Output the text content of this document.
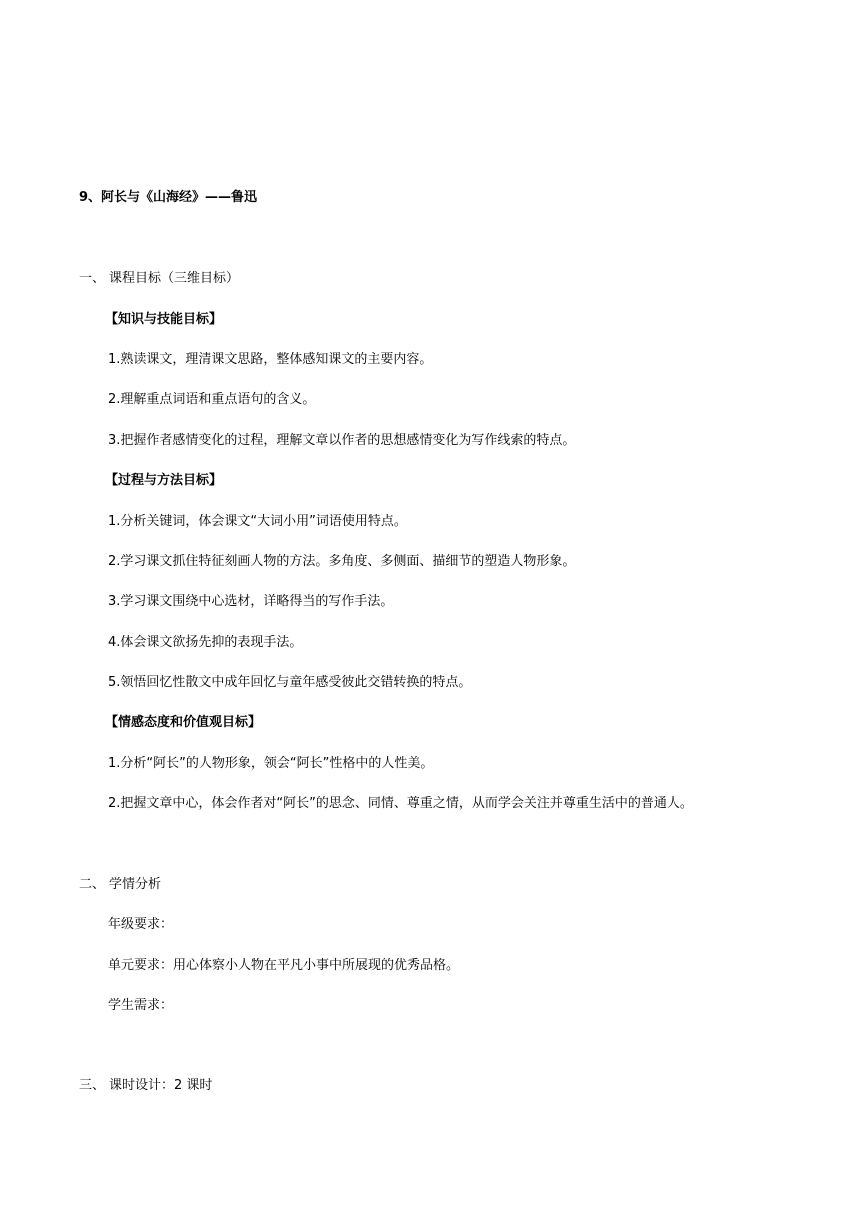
9、阿长与《山海经》——鲁迅
一、 课程目标（三维目标）
【知识与技能目标】
1.熟读课文，理清课文思路，整体感知课文的主要内容。
2.理解重点词语和重点语句的含义。
3.把握作者感情变化的过程，理解文章以作者的思想感情变化为写作线索的特点。
【过程与方法目标】
1.分析关键词，体会课文“大词小用”词语使用特点。
2.学习课文抓住特征刻画人物的方法。多角度、多侧面、描细节的塑造人物形象。
3.学习课文围绕中心选材，详略得当的写作手法。
4.体会课文欲扬先抑的表现手法。
5.领悟回忆性散文中成年回忆与童年感受彼此交错转换的特点。
【情感态度和价值观目标】
1.分析“阿长”的人物形象，领会“阿长”性格中的人性美。
2.把握文章中心，体会作者对“阿长”的思念、同情、尊重之情，从而学会关注并尊重生活中的普通人。
二、 学情分析
年级要求：
单元要求：用心体察小人物在平凡小事中所展现的优秀品格。
学生需求：
三、 课时设计：2 课时
